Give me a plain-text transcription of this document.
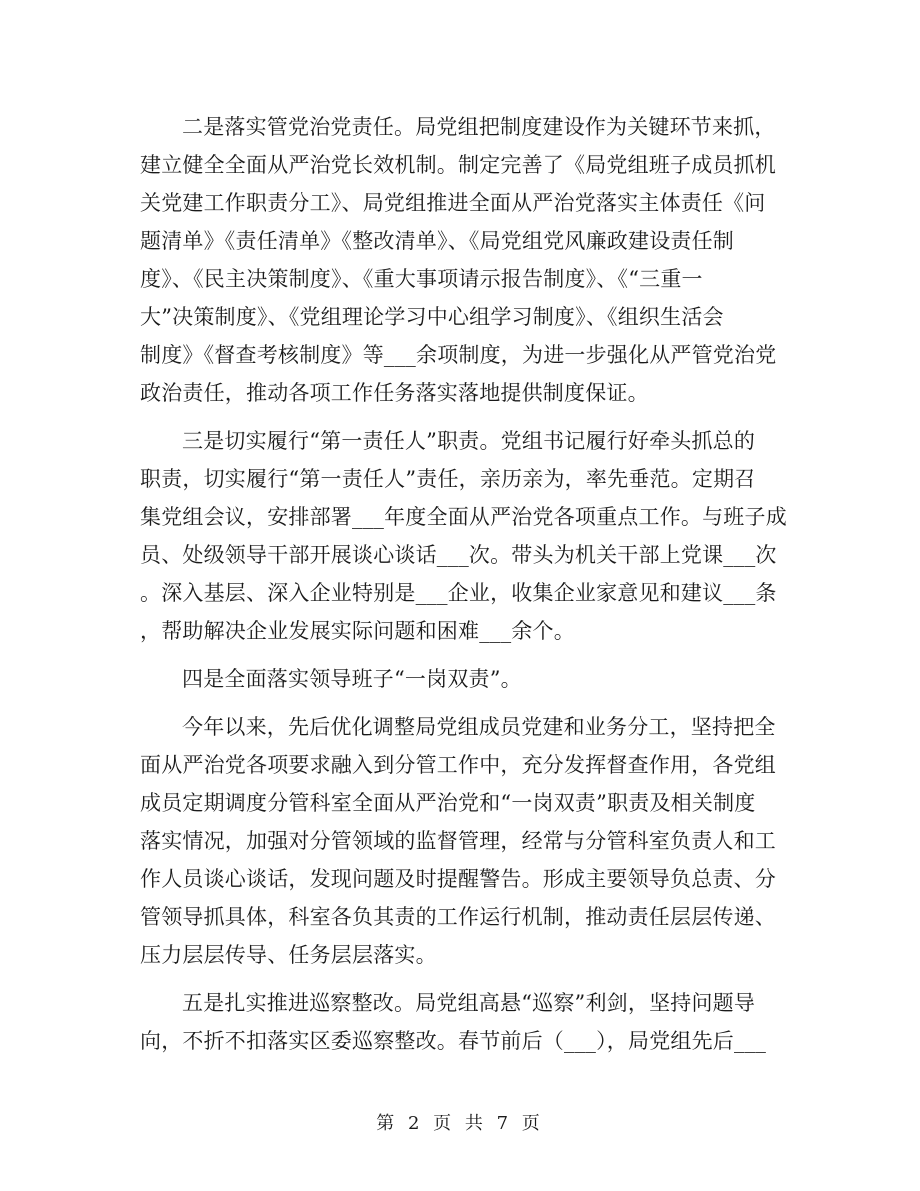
二是落实管党治党责任。局党组把制度建设作为关键环节来抓，
建立健全全面从严治党长效机制。制定完善了《局党组班子成员抓机
关党建工作职责分工》、局党组推进全面从严治党落实主体责任《问
题清单》《责任清单》《整改清单》、《局党组党风廉政建设责任制
度》、《民主决策制度》、《重大事项请示报告制度》、《“三重一
大”决策制度》、《党组理论学习中心组学习制度》、《组织生活会
制度》《督查考核制度》等___余项制度，为进一步强化从严管党治党
政治责任，推动各项工作任务落实落地提供制度保证。
三是切实履行“第一责任人”职责。党组书记履行好牵头抓总的
职责，切实履行“第一责任人”责任，亲历亲为，率先垂范。定期召
集党组会议，安排部署___年度全面从严治党各项重点工作。与班子成
员、处级领导干部开展谈心谈话___次。带头为机关干部上党课___次
。深入基层、深入企业特别是___企业，收集企业家意见和建议___条
，帮助解决企业发展实际问题和困难___余个。
四是全面落实领导班子“一岗双责”。
今年以来，先后优化调整局党组成员党建和业务分工，坚持把全
面从严治党各项要求融入到分管工作中，充分发挥督查作用，各党组
成员定期调度分管科室全面从严治党和“一岗双责”职责及相关制度
落实情况，加强对分管领域的监督管理，经常与分管科室负责人和工
作人员谈心谈话，发现问题及时提醒警告。形成主要领导负总责、分
管领导抓具体，科室各负其责的工作运行机制，推动责任层层传递、
压力层层传导、任务层层落实。
五是扎实推进巡察整改。局党组高悬“巡察”利剑，坚持问题导
向，不折不扣落实区委巡察整改。春节前后（___），局党组先后___
第 2 页 共 7 页
